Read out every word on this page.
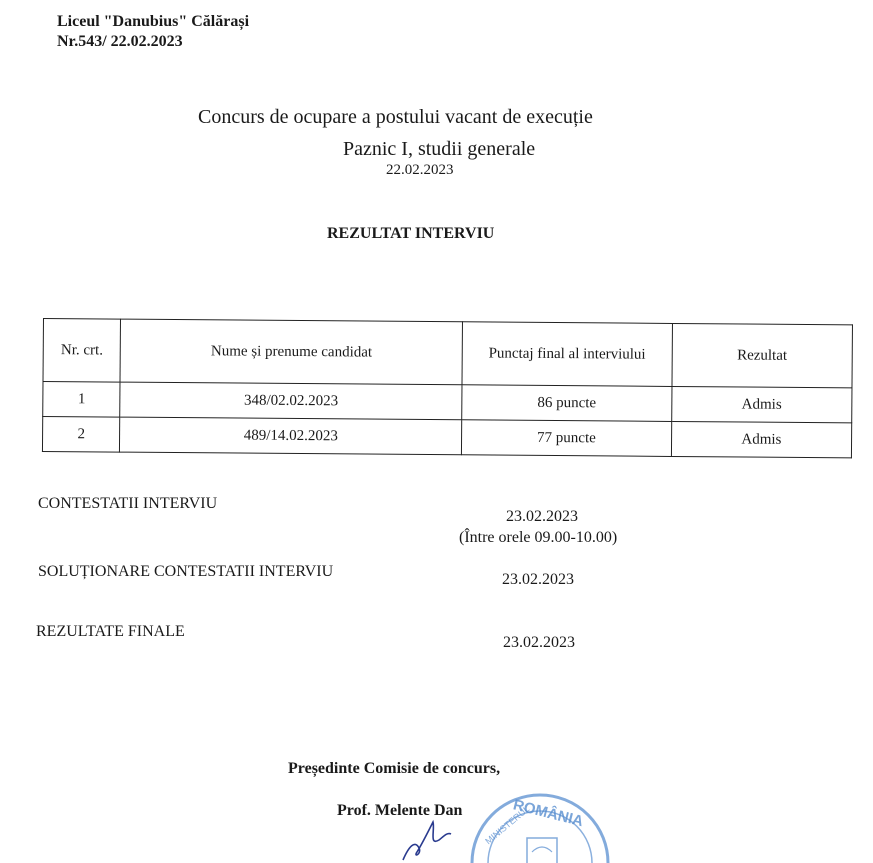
Liceul "Danubius" Călărași
Nr.543/ 22.02.2023
Concurs de ocupare a postului vacant de execuție
Paznic I, studii generale
22.02.2023
REZULTAT INTERVIU
Nr. crt.	Nume și prenume candidat	Punctaj final al interviului	Rezultat
1	348/02.02.2023	86 puncte	Admis
2	489/14.02.2023	77 puncte	Admis
CONTESTATII INTERVIU
23.02.2023
(Între orele 09.00-10.00)
SOLUȚIONARE CONTESTATII INTERVIU	23.02.2023
REZULTATE FINALE
23.02.2023
Președinte Comisie de concurs,
ROMÂNIA
MINISTERUL
Prof. Melente Dan
